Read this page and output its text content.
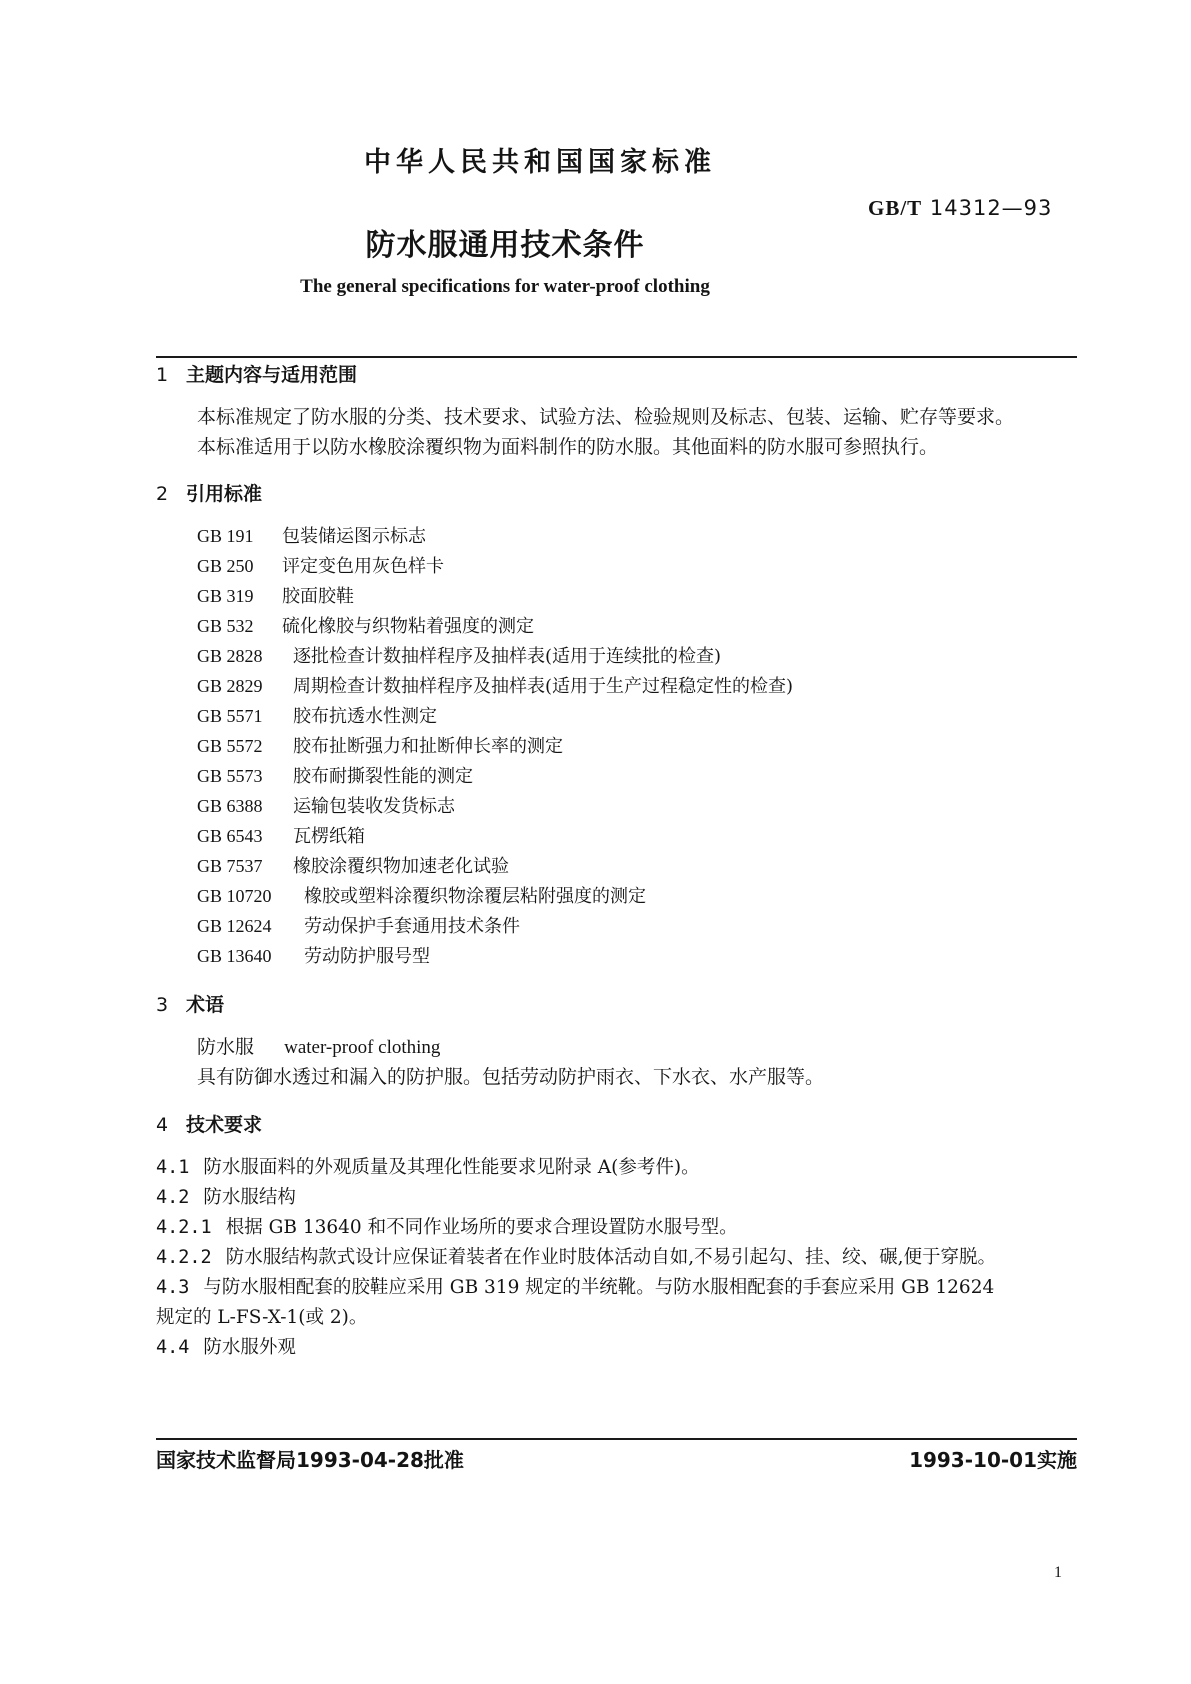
中华人民共和国国家标准
GB/T 14312—93
防水服通用技术条件
The general specifications for water-proof clothing
1 主题内容与适用范围
本标准规定了防水服的分类、技术要求、试验方法、检验规则及标志、包装、运输、贮存等要求。
本标准适用于以防水橡胶涂覆织物为面料制作的防水服。其他面料的防水服可参照执行。
2 引用标准
GB 191 包装储运图示标志
GB 250 评定变色用灰色样卡
GB 319 胶面胶鞋
GB 532 硫化橡胶与织物粘着强度的测定
GB 2828 逐批检查计数抽样程序及抽样表(适用于连续批的检查)
GB 2829 周期检查计数抽样程序及抽样表(适用于生产过程稳定性的检查)
GB 5571 胶布抗透水性测定
GB 5572 胶布扯断强力和扯断伸长率的测定
GB 5573 胶布耐撕裂性能的测定
GB 6388 运输包装收发货标志
GB 6543 瓦楞纸箱
GB 7537 橡胶涂覆织物加速老化试验
GB 10720 橡胶或塑料涂覆织物涂覆层粘附强度的测定
GB 12624 劳动保护手套通用技术条件
GB 13640 劳动防护服号型
3 术语
防水服 water-proof clothing
具有防御水透过和漏入的防护服。包括劳动防护雨衣、下水衣、水产服等。
4 技术要求
4.1 防水服面料的外观质量及其理化性能要求见附录 A(参考件)。
4.2 防水服结构
4.2.1 根据 GB 13640 和不同作业场所的要求合理设置防水服号型。
4.2.2 防水服结构款式设计应保证着装者在作业时肢体活动自如,不易引起勾、挂、绞、碾,便于穿脱。
4.3 与防水服相配套的胶鞋应采用 GB 319 规定的半统靴。与防水服相配套的手套应采用 GB 12624
规定的 L-FS-X-1(或 2)。
4.4 防水服外观
国家技术监督局1993-04-28批准	1993-10-01实施
1
